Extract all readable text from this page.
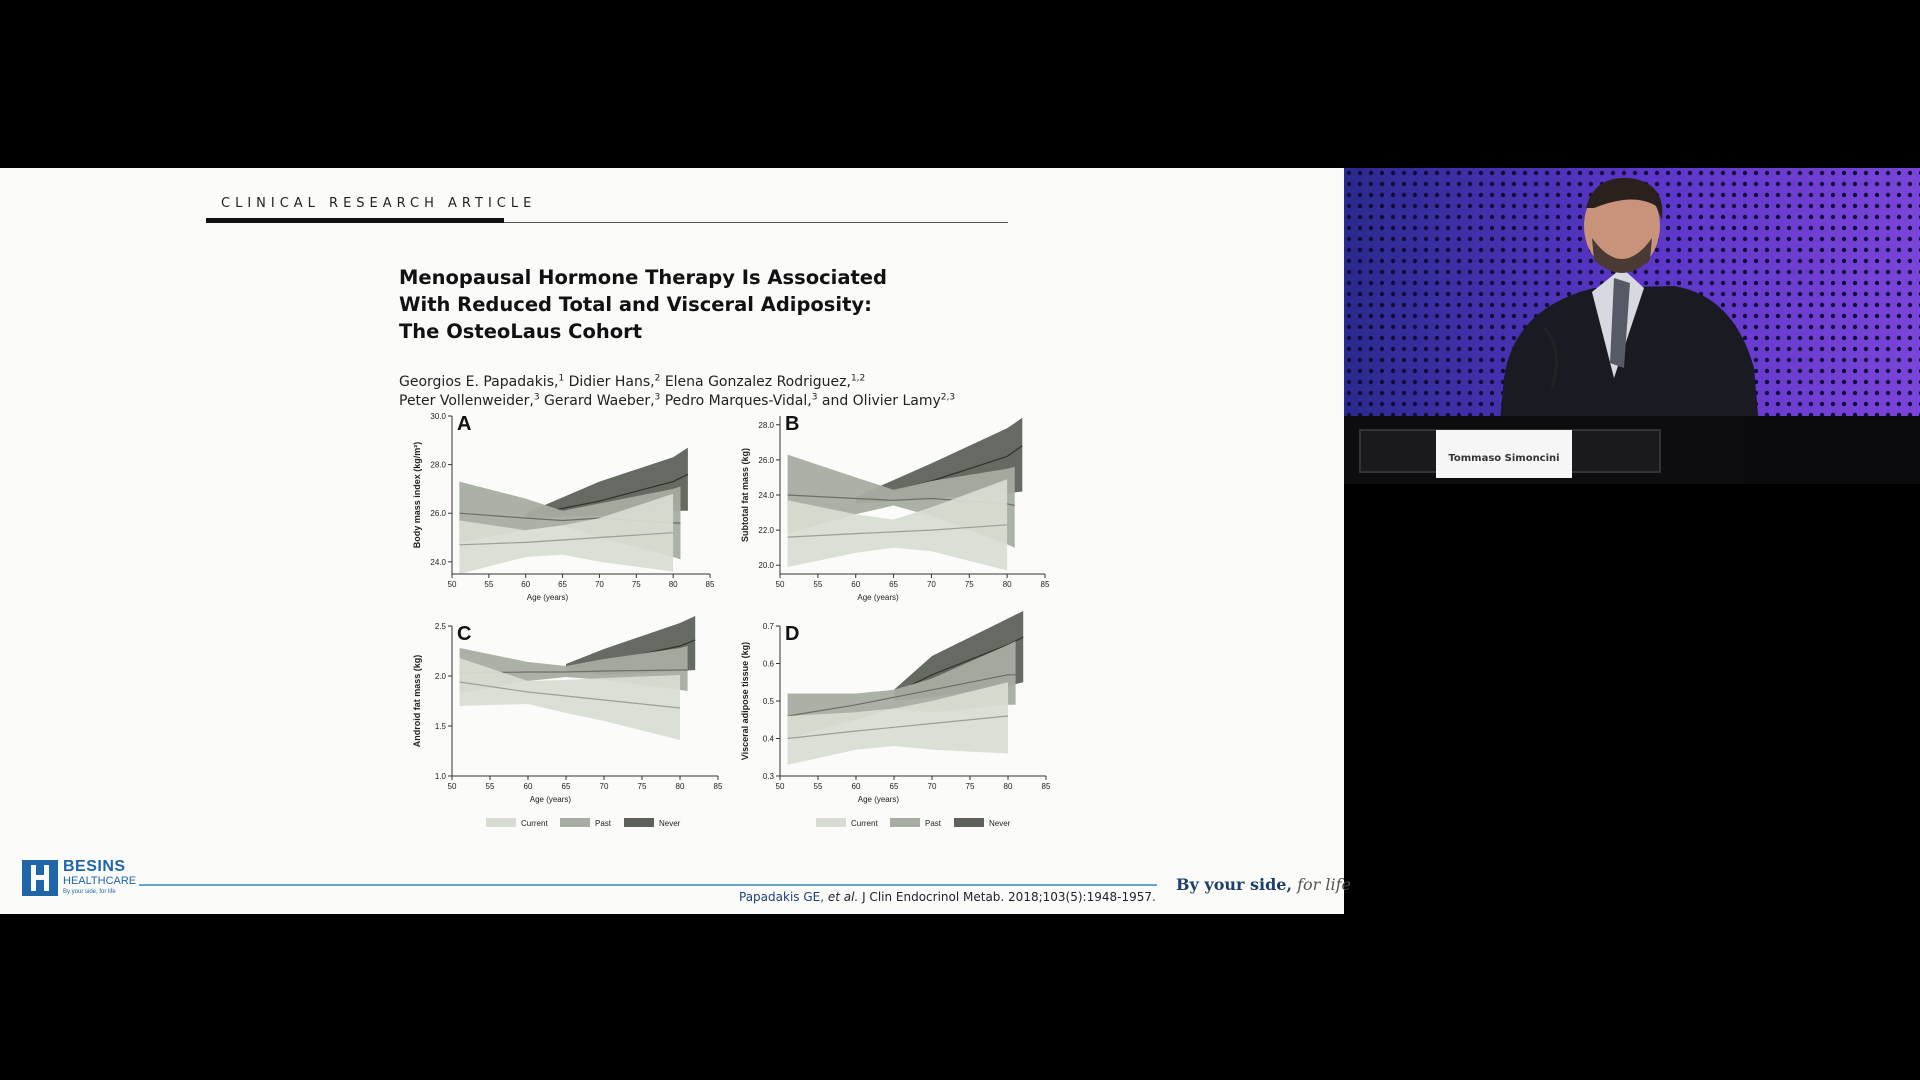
CLINICAL RESEARCH ARTICLE
Menopausal Hormone Therapy Is Associated
With Reduced Total and Visceral Adiposity:
The OsteoLaus Cohort
Georgios E. Papadakis,$^1$ Didier Hans,$^2$ Elena Gonzalez Rodriguez,$^{1,2}$
Peter Vollenweider,$^3$ Gerard Waeber,$^3$ Pedro Marques-Vidal,$^3$ and Olivier Lamy$^{2,3}$
50	55	60	65	70	75	80	85
24.0
26.0
28.0
30.0
Age (years)
Body mass index (kg/m²)
A
50	55	60	65	70	75	80	85
20.0
22.0
24.0
26.0
28.0
Age (years)
Subtotal fat mass (kg)
B
50	55	60	65	70	75	80	85
1.0
1.5
2.0
2.5
Age (years)
Android fat mass (kg)
C
50	55	60	65	70	75	80	85
0.3
0.4
0.5
0.6
0.7
Age (years)
Visceral adipose tissue (kg)
D
Current	Past	Never	Current	Past	Never
BESINS
HEALTHCARE
By your side, for life	Papadakis GE, et al. J Clin Endocrinol Metab. 2018;103(5):1948-1957.
By your side, for life
Tommaso Simoncini
